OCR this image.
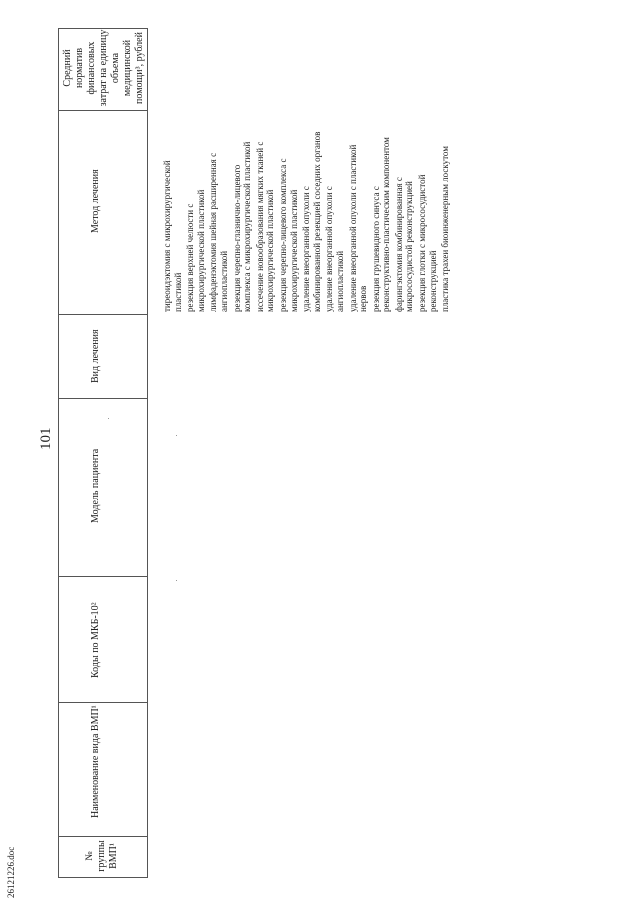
101
26121226.doc
Средний норматив финансовых затрат на единицу объема медицинской помощи³, рублей
Метод лечения
Вид лечения
Модель пациента
Коды по МКБ-10²
Наименование вида ВМП¹
№ группы ВМП¹
тиреоидэктомия с микрохирургической пластикой резекция верхней челюсти с микрохирургической пластикой лимфаденэктомия шейная расширенная с ангиопластикой резекция черепно-глазнично-лицевого комплекса с микрохирургической пластикой иссечение новообразования мягких тканей с микрохирургической пластикой резекция черепно-лицевого комплекса с микрохирургической пластикой удаление внеорганной опухоли с комбинированной резекцией соседних органов удаление внеорганной опухоли с ангиопластикой удаление внеорганной опухоли с пластикой нервов резекция грушевидного синуса с реконструктивно-пластическим компонентом фарингэктомия комбинированная с микрососудистой реконструкцией резекция глотки с микрососудистой реконструкцией пластика трахеи биоинженерным лоскутом
